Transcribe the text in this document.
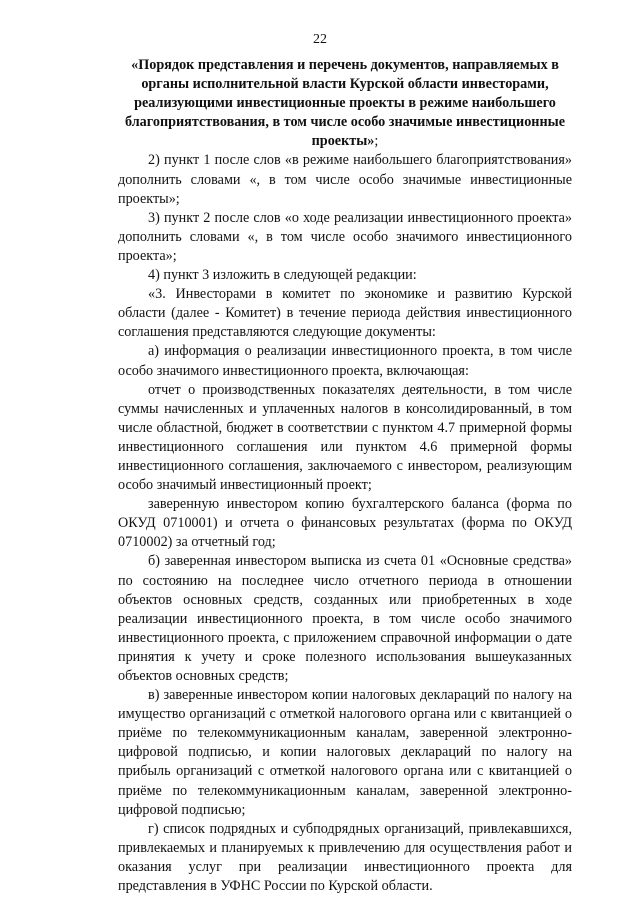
22
«Порядок представления и перечень документов, направляемых в органы исполнительной власти Курской области инвесторами, реализующими инвестиционные проекты в режиме наибольшего благоприятствования, в том числе особо значимые инвестиционные проекты»;

2) пункт 1 после слов «в режиме наибольшего благоприятствования» дополнить словами «, в том числе особо значимые инвестиционные проекты»;

3) пункт 2 после слов «о ходе реализации инвестиционного проекта» дополнить словами «, в том числе особо значимого инвестиционного проекта»;

4) пункт 3 изложить в следующей редакции:

«3. Инвесторами в комитет по экономике и развитию Курской области (далее - Комитет) в течение периода действия инвестиционного соглашения представляются следующие документы:

а) информация о реализации инвестиционного проекта, в том числе особо значимого инвестиционного проекта, включающая:

отчет о производственных показателях деятельности, в том числе суммы начисленных и уплаченных налогов в консолидированный, в том числе областной, бюджет в соответствии с пунктом 4.7 примерной формы инвестиционного соглашения или пунктом 4.6 примерной формы инвестиционного соглашения, заключаемого с инвестором, реализующим особо значимый инвестиционный проект;

заверенную инвестором копию бухгалтерского баланса (форма по ОКУД 0710001) и отчета о финансовых результатах (форма по ОКУД 0710002) за отчетный год;

б) заверенная инвестором выписка из счета 01 «Основные средства» по состоянию на последнее число отчетного периода в отношении объектов основных средств, созданных или приобретенных в ходе реализации инвестиционного проекта, в том числе особо значимого инвестиционного проекта, с приложением справочной информации о дате принятия к учету и сроке полезного использования вышеуказанных объектов основных средств;

в) заверенные инвестором копии налоговых деклараций по налогу на имущество организаций с отметкой налогового органа или с квитанцией о приёме по телекоммуникационным каналам, заверенной электронно-цифровой подписью, и копии налоговых деклараций по налогу на прибыль организаций с отметкой налогового органа или с квитанцией о приёме по телекоммуникационным каналам, заверенной электронно-цифровой подписью;

г) список подрядных и субподрядных организаций, привлекавшихся, привлекаемых и планируемых к привлечению для осуществления работ и оказания услуг при реализации инвестиционного проекта для представления в УФНС России по Курской области.
